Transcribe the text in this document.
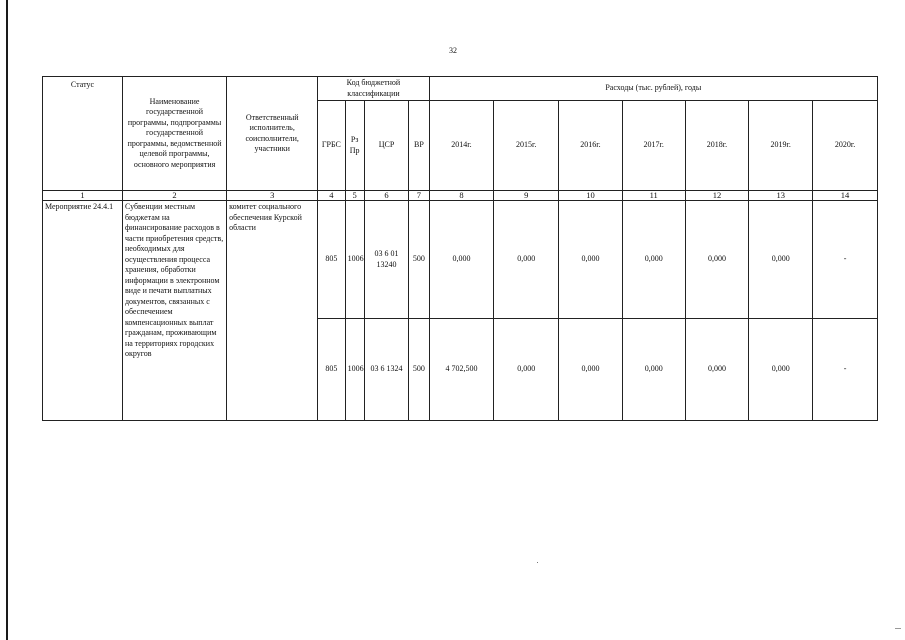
32
Статус	Наименование государственной программы, подпрограммы государственной программы, ведомственной целевой программы, основного мероприятия	Ответственный исполнитель, соисполнители, участники	Код бюджетной классификации				Расходы (тыс. рублей), годы						
			ГРБС	Рз Пр	ЦСР	ВР	2014г.	2015г.	2016г.	2017г.	2018г.	2019г.	2020г.
1	2	3	4	5	6	7	8	9	10	11	12	13	14
Мероприятие 24.4.1	Субвенции местным бюджетам на финансирование расходов в части приобретения средств, необходимых для осуществления процесса хранения, обработки информации в электронном виде и печати выплатных документов, связанных с обеспечением компенсационных выплат гражданам, проживающим на территориях городских округов	комитет социального обеспечения Курской области	805	1006	03 6 01 13240	500	0,000	0,000	0,000	0,000	0,000	0,000	-
			805	1006	03 6 1324	500	4 702,500	0,000	0,000	0,000	0,000	0,000	-
